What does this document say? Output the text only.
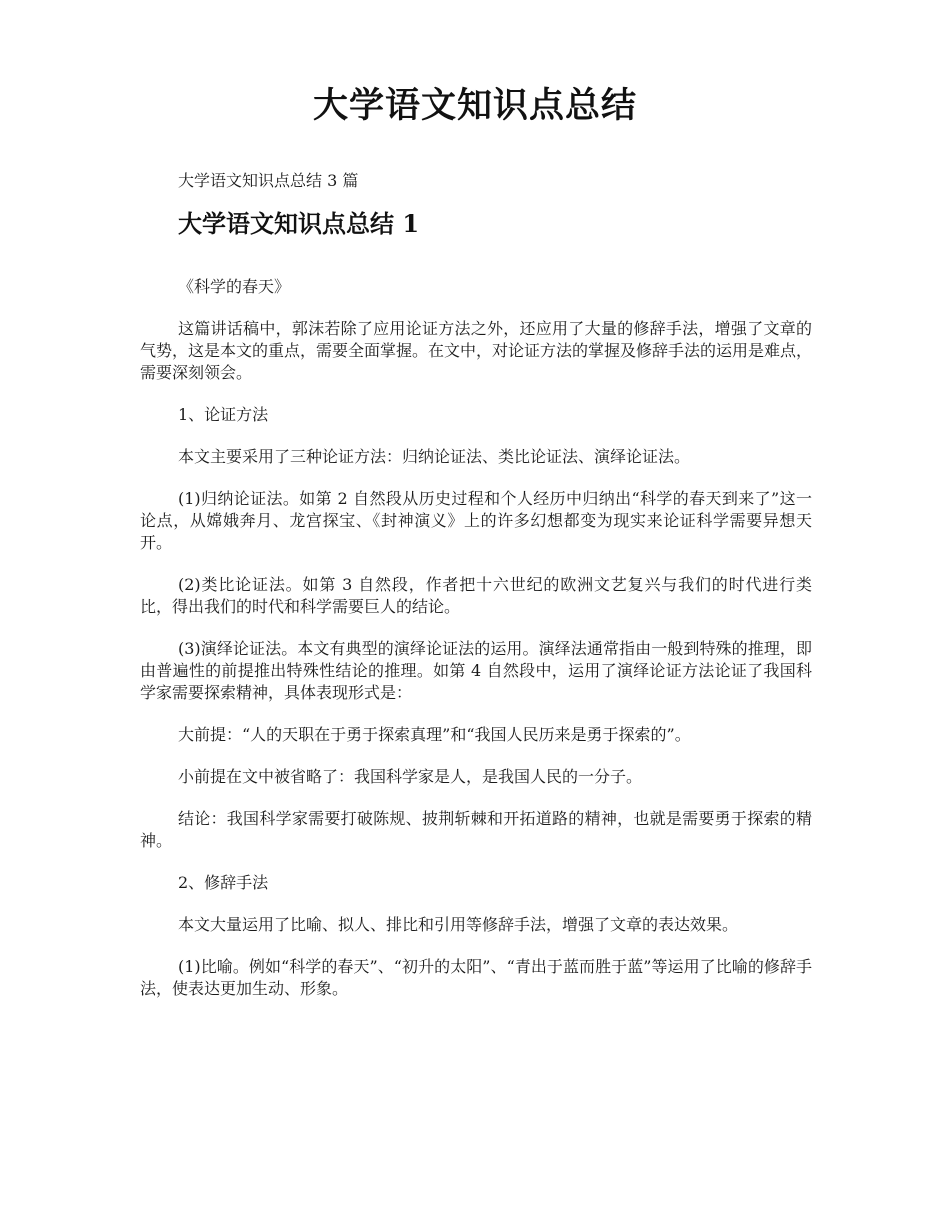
大学语文知识点总结

大学语文知识点总结 3 篇

大学语文知识点总结 1

《科学的春天》

这篇讲话稿中，郭沫若除了应用论证方法之外，还应用了大量的修辞手法，增强了文章的气势，这是本文的重点，需要全面掌握。在文中，对论证方法的掌握及修辞手法的运用是难点，需要深刻领会。

1、论证方法

本文主要采用了三种论证方法：归纳论证法、类比论证法、演绎论证法。

(1)归纳论证法。如第 2 自然段从历史过程和个人经历中归纳出“科学的春天到来了”这一论点，从嫦娥奔月、龙宫探宝、《封神演义》上的许多幻想都变为现实来论证科学需要异想天开。

(2)类比论证法。如第 3 自然段，作者把十六世纪的欧洲文艺复兴与我们的时代进行类比，得出我们的时代和科学需要巨人的结论。

(3)演绎论证法。本文有典型的演绎论证法的运用。演绎法通常指由一般到特殊的推理，即由普遍性的前提推出特殊性结论的推理。如第 4 自然段中，运用了演绎论证方法论证了我国科学家需要探索精神，具体表现形式是：

大前提：“人的天职在于勇于探索真理”和“我国人民历来是勇于探索的”。

小前提在文中被省略了：我国科学家是人，是我国人民的一分子。

结论：我国科学家需要打破陈规、披荆斩棘和开拓道路的精神，也就是需要勇于探索的精神。

2、修辞手法

本文大量运用了比喻、拟人、排比和引用等修辞手法，增强了文章的表达效果。

(1)比喻。例如“科学的春天”、“初升的太阳”、“青出于蓝而胜于蓝”等运用了比喻的修辞手法，使表达更加生动、形象。
